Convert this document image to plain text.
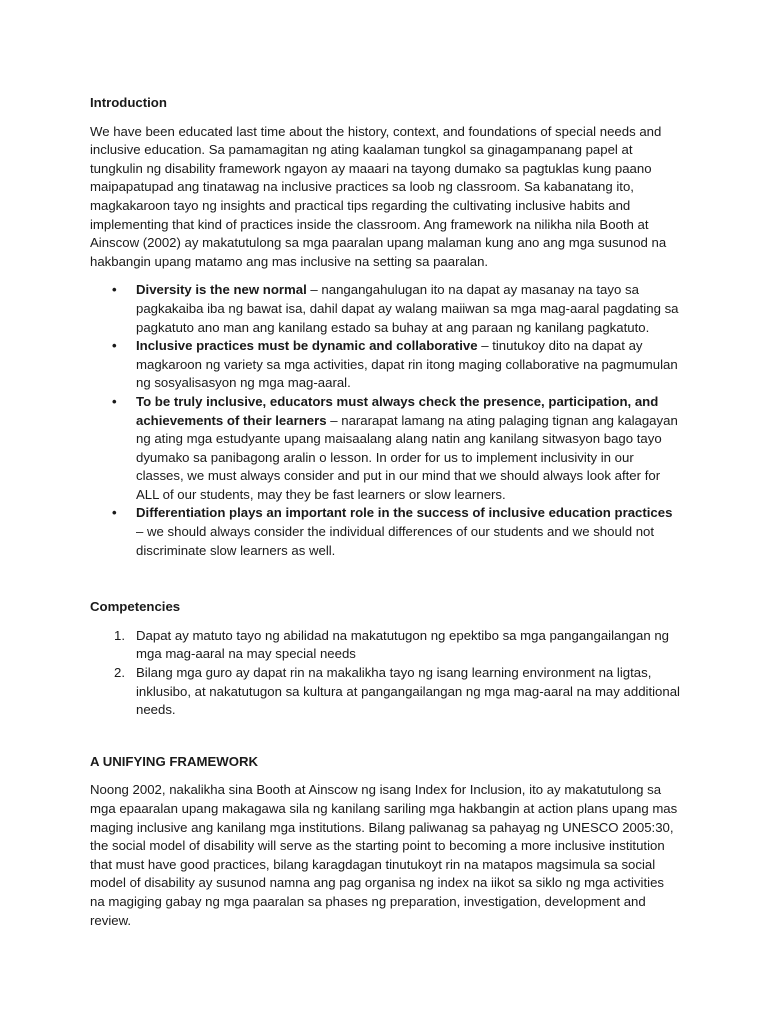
Introduction

We have been educated last time about the history, context, and foundations of special needs and inclusive education. Sa pamamagitan ng ating kaalaman tungkol sa ginagampanang papel at tungkulin ng disability framework ngayon ay maaari na tayong dumako sa pagtuklas kung paano maipapatupad ang tinatawag na inclusive practices sa loob ng classroom. Sa kabanatang ito, magkakaroon tayo ng insights and practical tips regarding the cultivating inclusive habits and implementing that kind of practices inside the classroom. Ang framework na nilikha nila Booth at Ainscow (2002) ay makatutulong sa mga paaralan upang malaman kung ano ang mga susunod na hakbangin upang matamo ang mas inclusive na setting sa paaralan.

• Diversity is the new normal – nangangahulugan ito na dapat ay masanay na tayo sa pagkakaiba iba ng bawat isa, dahil dapat ay walang maiiwan sa mga mag-aaral pagdating sa pagkatuto ano man ang kanilang estado sa buhay at ang paraan ng kanilang pagkatuto.
• Inclusive practices must be dynamic and collaborative – tinutukoy dito na dapat ay magkaroon ng variety sa mga activities, dapat rin itong maging collaborative na pagmumulan ng sosyalisasyon ng mga mag-aaral.
• To be truly inclusive, educators must always check the presence, participation, and achievements of their learners – nararapat lamang na ating palaging tignan ang kalagayan ng ating mga estudyante upang maisaalang alang natin ang kanilang sitwasyon bago tayo dyumako sa panibagong aralin o lesson. In order for us to implement inclusivity in our classes, we must always consider and put in our mind that we should always look after for ALL of our students, may they be fast learners or slow learners.
• Differentiation plays an important role in the success of inclusive education practices – we should always consider the individual differences of our students and we should not discriminate slow learners as well.
Competencies
1. Dapat ay matuto tayo ng abilidad na makatutugon ng epektibo sa mga pangangailangan ng mga mag-aaral na may special needs
2. Bilang mga guro ay dapat rin na makalikha tayo ng isang learning environment na ligtas, inklusibo, at nakatutugon sa kultura at pangangailangan ng mga mag-aaral na may additional needs.
A UNIFYING FRAMEWORK

Noong 2002, nakalikha sina Booth at Ainscow ng isang Index for Inclusion, ito ay makatutulong sa mga epaaralan upang makagawa sila ng kanilang sariling mga hakbangin at action plans upang mas maging inclusive ang kanilang mga institutions. Bilang paliwanag sa pahayag ng UNESCO 2005:30, the social model of disability will serve as the starting point to becoming a more inclusive institution that must have good practices, bilang karagdagan tinutukoyt rin na matapos magsimula sa social model of disability ay susunod namna ang pag organisa ng index na iikot sa siklo ng mga activities na magiging gabay ng mga paaralan sa phases ng preparation, investigation, development and review.
